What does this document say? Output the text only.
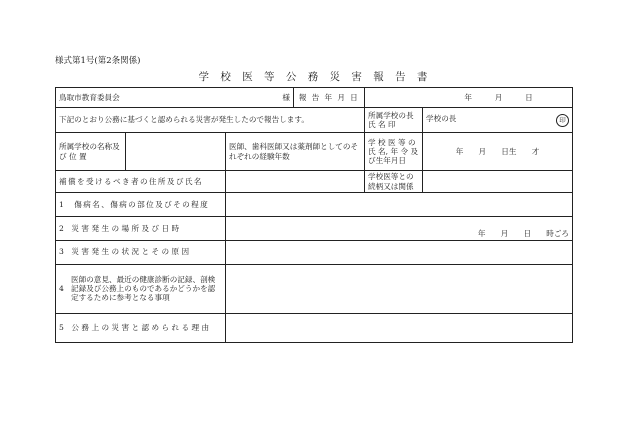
様式第1号(第2条関係)
学 校 医 等 公 務 災 害 報 告 書
鳥取市教育委員会 様			報 告 年 月 日	年　　　月　　　日	
下記のとおり公務に基づくと認められる災害が発生したので報告します。				所属学校の長 氏 名 印	学校の長 印

所属学校の名称及 び 位 置		医師、歯科医師又は薬剤師としてのそれぞれの経験年数		学 校 医 等 の 氏 名, 年 令 及び生年月日	年　　月　　日生　　才
補償を受けるべき者の住所及び氏名				学校医等との続柄又は関係	
1　傷病名、傷病の部位及びその程度					
2　災 害 発 生 の 場 所 及 び 日 時		年　　月　　日　　時ごろ			
3　災 害 発 生 の 状 況 と そ の 原 因					

4
医師の意見、最近の健康診断の記録、剖検記録及び公務上のものであるかどうかを認定するために参考となる事項					

5　公 務 上 の 災 害 と 認 め ら れ る 理 由					
